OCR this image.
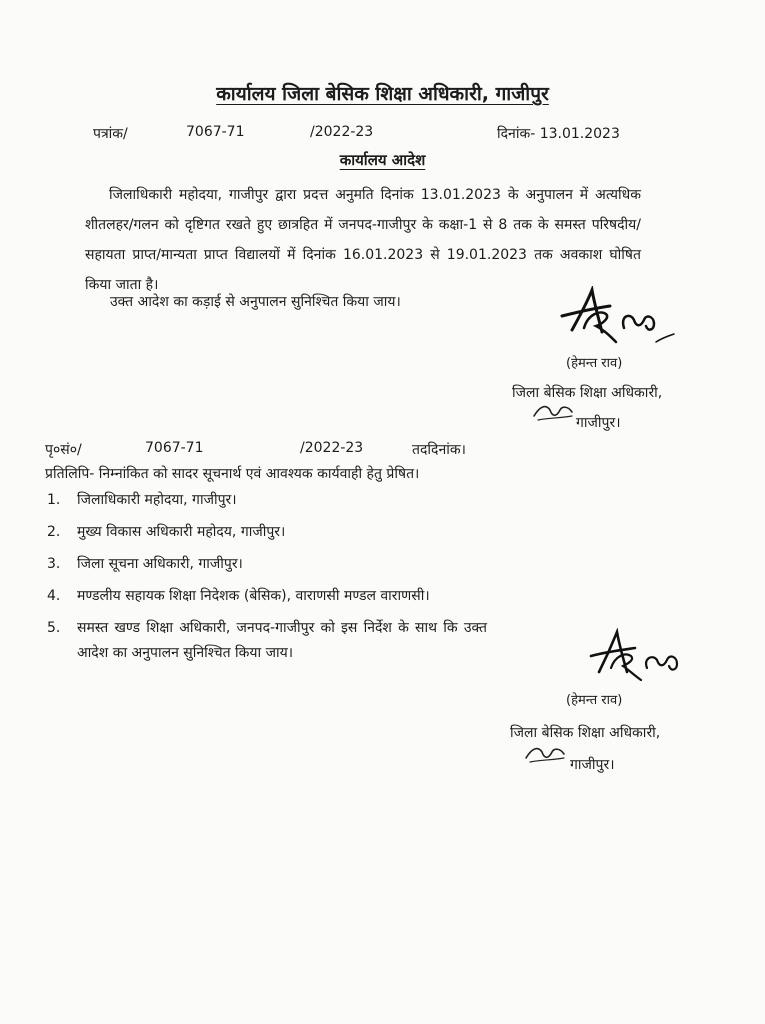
कार्यालय जिला बेसिक शिक्षा अधिकारी, गाजीपुर
पत्रांक/	7067-71	/2022-23	दिनांक- 13.01.2023
कार्यालय आदेश
जिलाधिकारी महोदया, गाजीपुर द्वारा प्रदत्त अनुमति दिनांक 13.01.2023 के अनुपालन में अत्यधिक शीतलहर/गलन को दृष्टिगत रखते हुए छात्रहित में जनपद-गाजीपुर के कक्षा-1 से 8 तक के समस्त परिषदीय/सहायता प्राप्त/मान्यता प्राप्त विद्यालयों में दिनांक 16.01.2023 से 19.01.2023 तक अवकाश घोषित किया जाता है।
उक्त आदेश का कड़ाई से अनुपालन सुनिश्चित किया जाय।
(हेमन्त राव)
जिला बेसिक शिक्षा अधिकारी,
गाजीपुर।
पृ०सं०/	7067-71	/2022-23	तददिनांक।
प्रतिलिपि- निम्नांकित को सादर सूचनार्थ एवं आवश्यक कार्यवाही हेतु प्रेषित।
1. जिलाधिकारी महोदया, गाजीपुर।
2. मुख्य विकास अधिकारी महोदय, गाजीपुर।
3. जिला सूचना अधिकारी, गाजीपुर।
4. मण्डलीय सहायक शिक्षा निदेशक (बेसिक), वाराणसी मण्डल वाराणसी।
5. समस्त खण्ड शिक्षा अधिकारी, जनपद-गाजीपुर को इस निर्देश के साथ कि उक्त आदेश का अनुपालन सुनिश्चित किया जाय।
(हेमन्त राव)
जिला बेसिक शिक्षा अधिकारी,
गाजीपुर।
